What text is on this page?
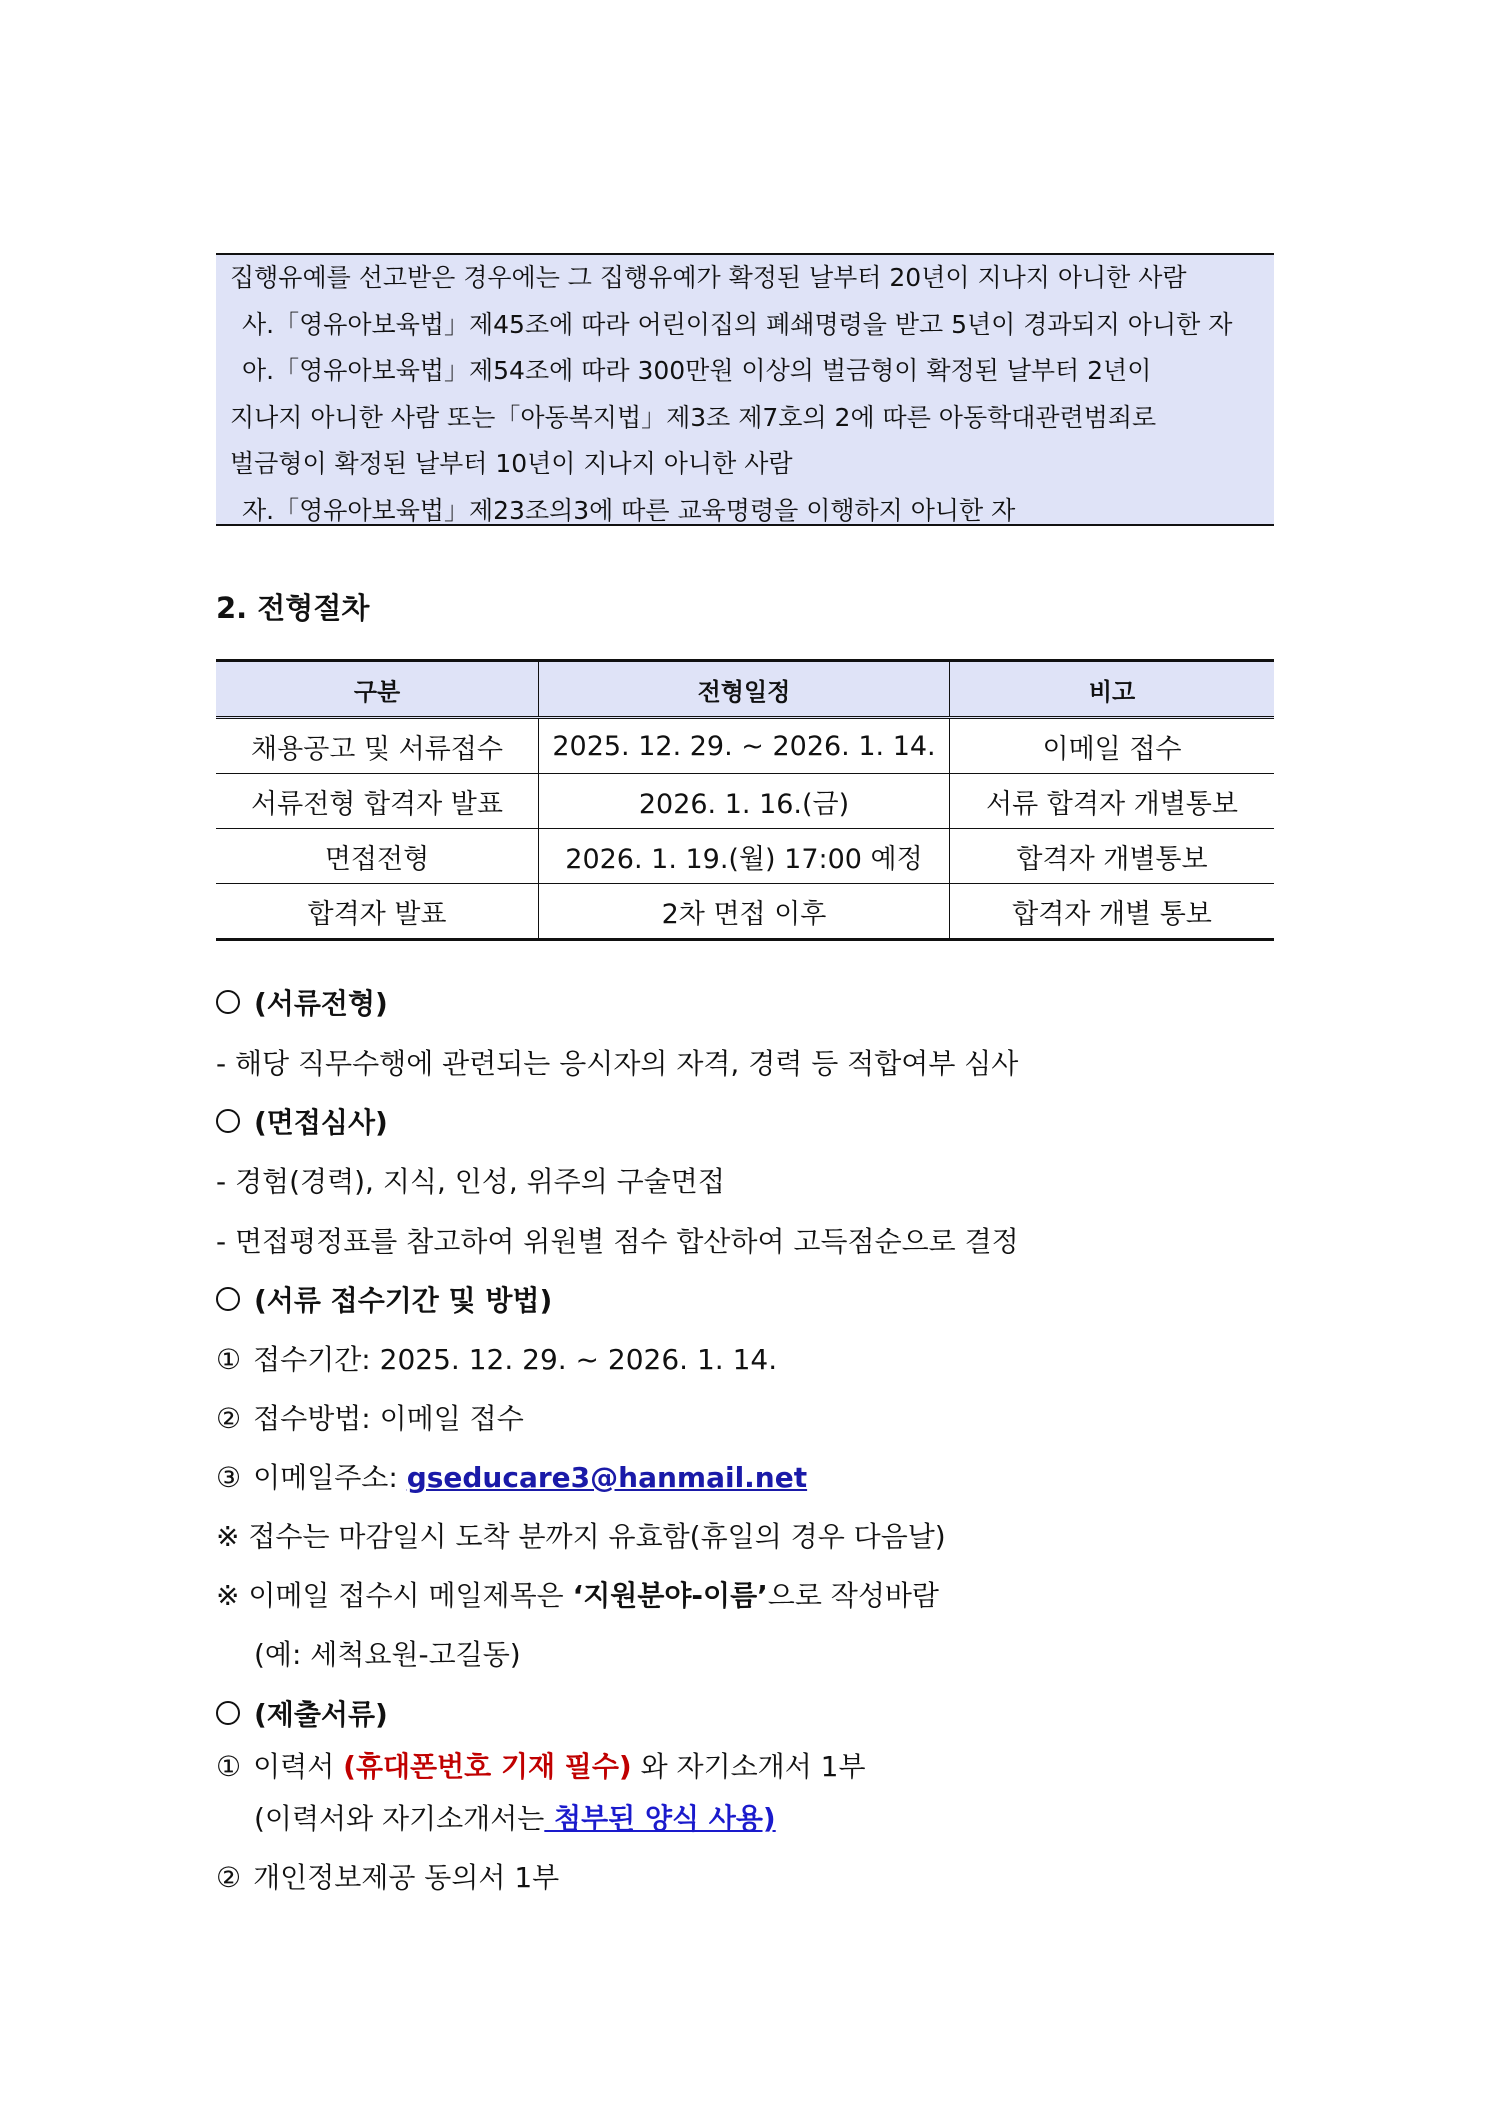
집행유예를 선고받은 경우에는 그 집행유예가 확정된 날부터 20년이 지나지 아니한 사람
사.「영유아보육법」제45조에 따라 어린이집의 폐쇄명령을 받고 5년이 경과되지 아니한 자
아.「영유아보육법」제54조에 따라 300만원 이상의 벌금형이 확정된 날부터 2년이
지나지 아니한 사람 또는「아동복지법」제3조 제7호의 2에 따른 아동학대관련범죄로
벌금형이 확정된 날부터 10년이 지나지 아니한 사람
자.「영유아보육법」제23조의3에 따른 교육명령을 이행하지 아니한 자
2. 전형절차
구분	전형일정	비고
채용공고 및 서류접수	2025. 12. 29. ~ 2026. 1. 14.	이메일 접수
서류전형 합격자 발표	2026. 1. 16.(금)	서류 합격자 개별통보
면접전형	2026. 1. 19.(월) 17:00 예정	합격자 개별통보
합격자 발표	2차 면접 이후	합격자 개별 통보
(서류전형)
- 해당 직무수행에 관련되는 응시자의 자격, 경력 등 적합여부 심사
(면접심사)
- 경험(경력), 지식, 인성, 위주의 구술면접
- 면접평정표를 참고하여 위원별 점수 합산하여 고득점순으로 결정
(서류 접수기간 및 방법)
① 접수기간: 2025. 12. 29. ~ 2026. 1. 14.
② 접수방법: 이메일 접수
③ 이메일주소: gseducare3@hanmail.net
※ 접수는 마감일시 도착 분까지 유효함(휴일의 경우 다음날)
※ 이메일 접수시 메일제목은 ‘지원분야-이름’으로 작성바람
(예: 세척요원-고길동)
(제출서류)
① 이력서 (휴대폰번호 기재 필수) 와 자기소개서 1부
(이력서와 자기소개서는 첨부된 양식 사용)
② 개인정보제공 동의서 1부
